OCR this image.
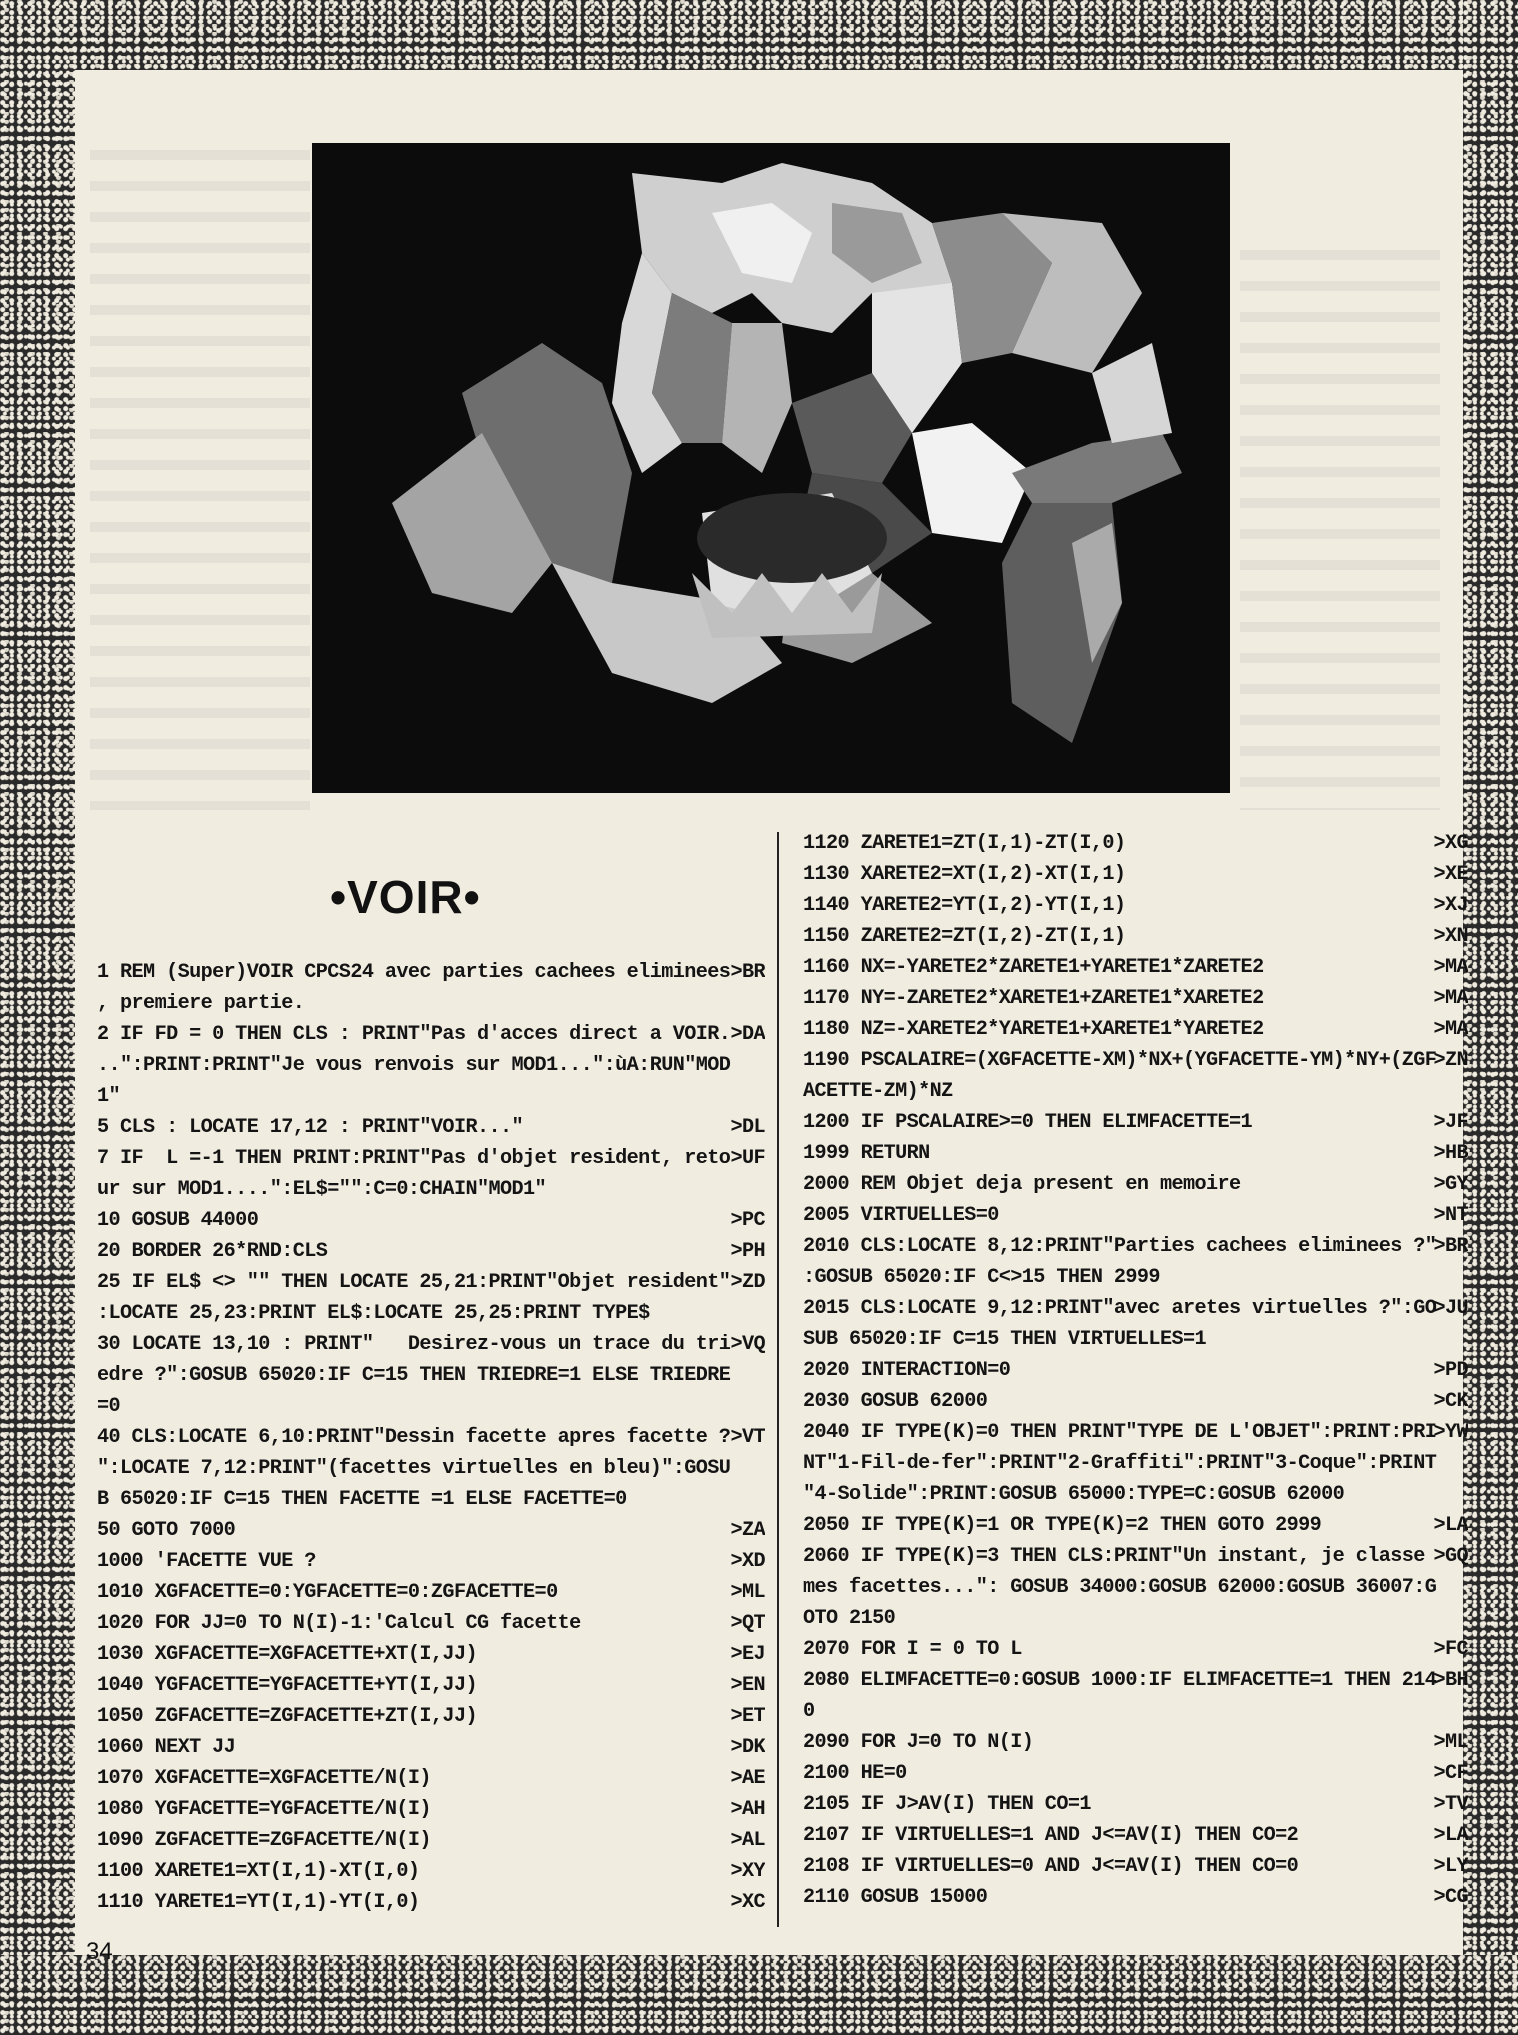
•VOIR•
1 REM (Super)VOIR CPCS24 avec parties cachees eliminees >BR
, premiere partie.
2 IF FD = 0 THEN CLS : PRINT"Pas d'acces direct a VOIR. >DA
..":PRINT:PRINT"Je vous renvois sur MOD1...":ùA:RUN"MOD
1"
5 CLS : LOCATE 17,12 : PRINT"VOIR..."	>DL
7 IF  L =-1 THEN PRINT:PRINT"Pas d'objet resident, reto >UF
ur sur MOD1....":EL$="":C=0:CHAIN"MOD1"
10 GOSUB 44000	>PC
20 BORDER 26*RND:CLS	>PH
25 IF EL$ <> "" THEN LOCATE 25,21:PRINT"Objet resident" >ZD
:LOCATE 25,23:PRINT EL$:LOCATE 25,25:PRINT TYPE$
30 LOCATE 13,10 : PRINT"   Desirez-vous un trace du tri >VQ
edre ?":GOSUB 65020:IF C=15 THEN TRIEDRE=1 ELSE TRIEDRE
=0
40 CLS:LOCATE 6,10:PRINT"Dessin facette apres facette ? >VT
":LOCATE 7,12:PRINT"(facettes virtuelles en bleu)":GOSU
B 65020:IF C=15 THEN FACETTE =1 ELSE FACETTE=0
50 GOTO 7000	>ZA
1000 'FACETTE VUE ?	>XD
1010 XGFACETTE=0:YGFACETTE=0:ZGFACETTE=0	>ML
1020 FOR JJ=0 TO N(I)-1:'Calcul CG facette	>QT
1030 XGFACETTE=XGFACETTE+XT(I,JJ)	>EJ
1040 YGFACETTE=YGFACETTE+YT(I,JJ)	>EN
1050 ZGFACETTE=ZGFACETTE+ZT(I,JJ)	>ET
1060 NEXT JJ	>DK
1070 XGFACETTE=XGFACETTE/N(I)	>AE
1080 YGFACETTE=YGFACETTE/N(I)	>AH
1090 ZGFACETTE=ZGFACETTE/N(I)	>AL
1100 XARETE1=XT(I,1)-XT(I,0)	>XY
1110 YARETE1=YT(I,1)-YT(I,0)	>XC
1120 ZARETE1=ZT(I,1)-ZT(I,0)	>XG
1130 XARETE2=XT(I,2)-XT(I,1)	>XE
1140 YARETE2=YT(I,2)-YT(I,1)	>XJ
1150 ZARETE2=ZT(I,2)-ZT(I,1)	>XN
1160 NX=-YARETE2*ZARETE1+YARETE1*ZARETE2	>MA
1170 NY=-ZARETE2*XARETE1+ZARETE1*XARETE2	>MA
1180 NZ=-XARETE2*YARETE1+XARETE1*YARETE2	>MA
1190 PSCALAIRE=(XGFACETTE-XM)*NX+(YGFACETTE-YM)*NY+(ZGF
>ZN
ACETTE-ZM)*NZ
1200 IF PSCALAIRE>=0 THEN ELIMFACETTE=1	>JF
1999 RETURN	>HB
2000 REM Objet deja present en memoire	>GY
2005 VIRTUELLES=0	>NT
2010 CLS:LOCATE 8,12:PRINT"Parties cachees eliminees ?"
>BR
:GOSUB 65020:IF C<>15 THEN 2999
2015 CLS:LOCATE 9,12:PRINT"avec aretes virtuelles ?":GO
>JU
SUB 65020:IF C=15 THEN VIRTUELLES=1
2020 INTERACTION=0	>PD
2030 GOSUB 62000	>CK
2040 IF TYPE(K)=0 THEN PRINT"TYPE DE L'OBJET":PRINT:PRI
>YW
NT"1-Fil-de-fer":PRINT"2-Graffiti":PRINT"3-Coque":PRINT
"4-Solide":PRINT:GOSUB 65000:TYPE=C:GOSUB 62000
2050 IF TYPE(K)=1 OR TYPE(K)=2 THEN GOTO 2999	>LA
2060 IF TYPE(K)=3 THEN CLS:PRINT"Un instant, je classe >GQ
mes facettes...": GOSUB 34000:GOSUB 62000:GOSUB 36007:G
OTO 2150
2070 FOR I = 0 TO L	>FC
2080 ELIMFACETTE=0:GOSUB 1000:IF ELIMFACETTE=1 THEN 214
>BH
0
2090 FOR J=0 TO N(I)	>ML
2100 HE=0	>CF
2105 IF J>AV(I) THEN CO=1	>TV
2107 IF VIRTUELLES=1 AND J<=AV(I) THEN CO=2	>LA
2108 IF VIRTUELLES=0 AND J<=AV(I) THEN CO=0	>LY
2110 GOSUB 15000	>CG
34
